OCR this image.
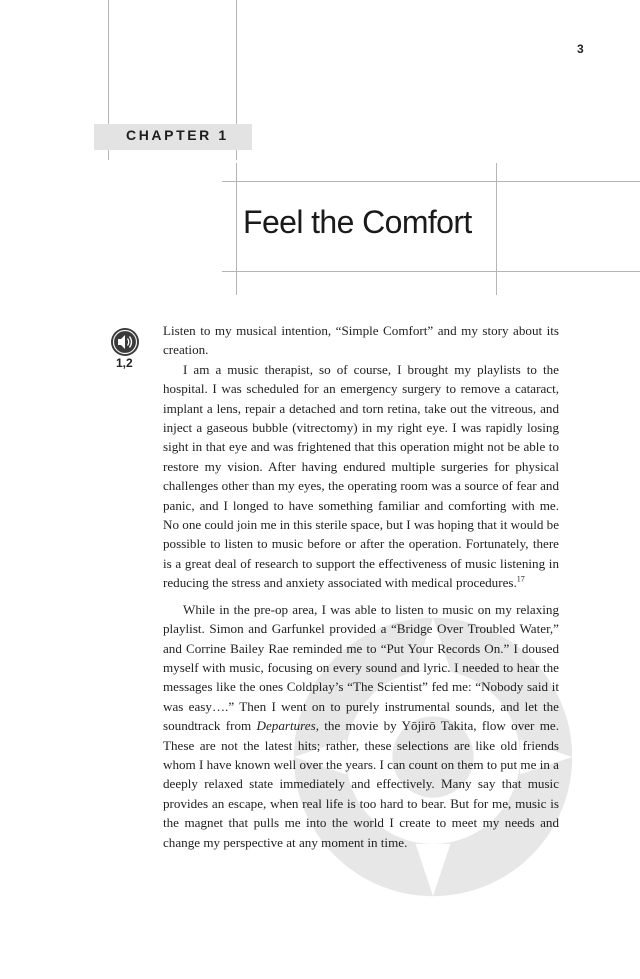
3
CHAPTER 1
Feel the Comfort
1,2

Listen to my musical intention, “Simple Comfort” and my story about its creation.

I am a music therapist, so of course, I brought my playlists to the hospital. I was scheduled for an emergency surgery to remove a cataract, implant a lens, repair a detached and torn retina, take out the vitreous, and inject a gaseous bubble (vitrectomy) in my right eye. I was rapidly losing sight in that eye and was frightened that this operation might not be able to restore my vision. After having endured multiple surgeries for physical challenges other than my eyes, the operating room was a source of fear and panic, and I longed to have something familiar and comforting with me. No one could join me in this sterile space, but I was hoping that it would be possible to listen to music before or after the operation. Fortunately, there is a great deal of research to support the effectiveness of music listening in reducing the stress and anxiety associated with medical procedures.$^{17}$

While in the pre-op area, I was able to listen to music on my relaxing playlist. Simon and Garfunkel provided a “Bridge Over Troubled Water,” and Corrine Bailey Rae reminded me to “Put Your Records On.” I doused myself with music, focusing on every sound and lyric. I needed to hear the messages like the ones Coldplay’s “The Scientist” fed me: “Nobody said it was easy….” Then I went on to purely instrumental sounds, and let the soundtrack from Departures, the movie by Yōjirō Takita, flow over me. These are not the latest hits; rather, these selections are like old friends whom I have known well over the years. I can count on them to put me in a deeply relaxed state immediately and effectively. Many say that music provides an escape, when real life is too hard to bear. But for me, music is the magnet that pulls me into the world I create to meet my needs and change my perspective at any moment in time.
